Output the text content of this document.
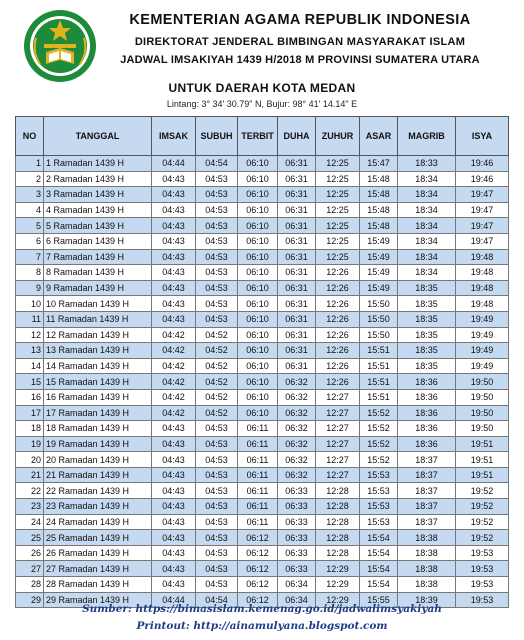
KEMENTERIAN AGAMA REPUBLIK INDONESIA
DIREKTORAT JENDERAL BIMBINGAN MASYARAKAT ISLAM
JADWAL IMSAKIYAH 1439 H/2018 M PROVINSI SUMATERA UTARA
UNTUK DAERAH KOTA MEDAN
Lintang: 3° 34' 30.79" N, Bujur: 98° 41' 14.14" E
NO	TANGGAL	IMSAK	SUBUH	TERBIT	DUHA	ZUHUR	ASAR	MAGRIB	ISYA
1	1 Ramadan 1439 H	04:44	04:54	06:10	06:31	12:25	15:47	18:33	19:46
2	2 Ramadan 1439 H	04:43	04:53	06:10	06:31	12:25	15:48	18:34	19:46
3	3 Ramadan 1439 H	04:43	04:53	06:10	06:31	12:25	15:48	18:34	19:47
4	4 Ramadan 1439 H	04:43	04:53	06:10	06:31	12:25	15:48	18:34	19:47
5	5 Ramadan 1439 H	04:43	04:53	06:10	06:31	12:25	15:48	18:34	19:47
6	6 Ramadan 1439 H	04:43	04:53	06:10	06:31	12:25	15:49	18:34	19:47
7	7 Ramadan 1439 H	04:43	04:53	06:10	06:31	12:25	15:49	18:34	19:48
8	8 Ramadan 1439 H	04:43	04:53	06:10	06:31	12:26	15:49	18:34	19:48
9	9 Ramadan 1439 H	04:43	04:53	06:10	06:31	12:26	15:49	18:35	19:48
10	10 Ramadan 1439 H	04:43	04:53	06:10	06:31	12:26	15:50	18:35	19:48
11	11 Ramadan 1439 H	04:43	04:53	06:10	06:31	12:26	15:50	18:35	19:49
12	12 Ramadan 1439 H	04:42	04:52	06:10	06:31	12:26	15:50	18:35	19:49
13	13 Ramadan 1439 H	04:42	04:52	06:10	06:31	12:26	15:51	18:35	19:49
14	14 Ramadan 1439 H	04:42	04:52	06:10	06:31	12:26	15:51	18:35	19:49
15	15 Ramadan 1439 H	04:42	04:52	06:10	06:32	12:26	15:51	18:36	19:50
16	16 Ramadan 1439 H	04:42	04:52	06:10	06:32	12:27	15:51	18:36	19:50
17	17 Ramadan 1439 H	04:42	04:52	06:10	06:32	12:27	15:52	18:36	19:50
18	18 Ramadan 1439 H	04:43	04:53	06:11	06:32	12:27	15:52	18:36	19:50
19	19 Ramadan 1439 H	04:43	04:53	06:11	06:32	12:27	15:52	18:36	19:51
20	20 Ramadan 1439 H	04:43	04:53	06:11	06:32	12:27	15:52	18:37	19:51
21	21 Ramadan 1439 H	04:43	04:53	06:11	06:32	12:27	15:53	18:37	19:51
22	22 Ramadan 1439 H	04:43	04:53	06:11	06:33	12:28	15:53	18:37	19:52
23	23 Ramadan 1439 H	04:43	04:53	06:11	06:33	12:28	15:53	18:37	19:52
24	24 Ramadan 1439 H	04:43	04:53	06:11	06:33	12:28	15:53	18:37	19:52
25	25 Ramadan 1439 H	04:43	04:53	06:12	06:33	12:28	15:54	18:38	19:52
26	26 Ramadan 1439 H	04:43	04:53	06:12	06:33	12:28	15:54	18:38	19:53
27	27 Ramadan 1439 H	04:43	04:53	06:12	06:33	12:29	15:54	18:38	19:53
28	28 Ramadan 1439 H	04:43	04:53	06:12	06:34	12:29	15:54	18:38	19:53
29	29 Ramadan 1439 H	04:44	04:54	06:12	06:34	12:29	15:55	18:39	19:53
Sumber: https://bimasislam.kemenag.go.id/jadwalimsyakiyah
Printout: http://ainamulyana.blogspot.com
